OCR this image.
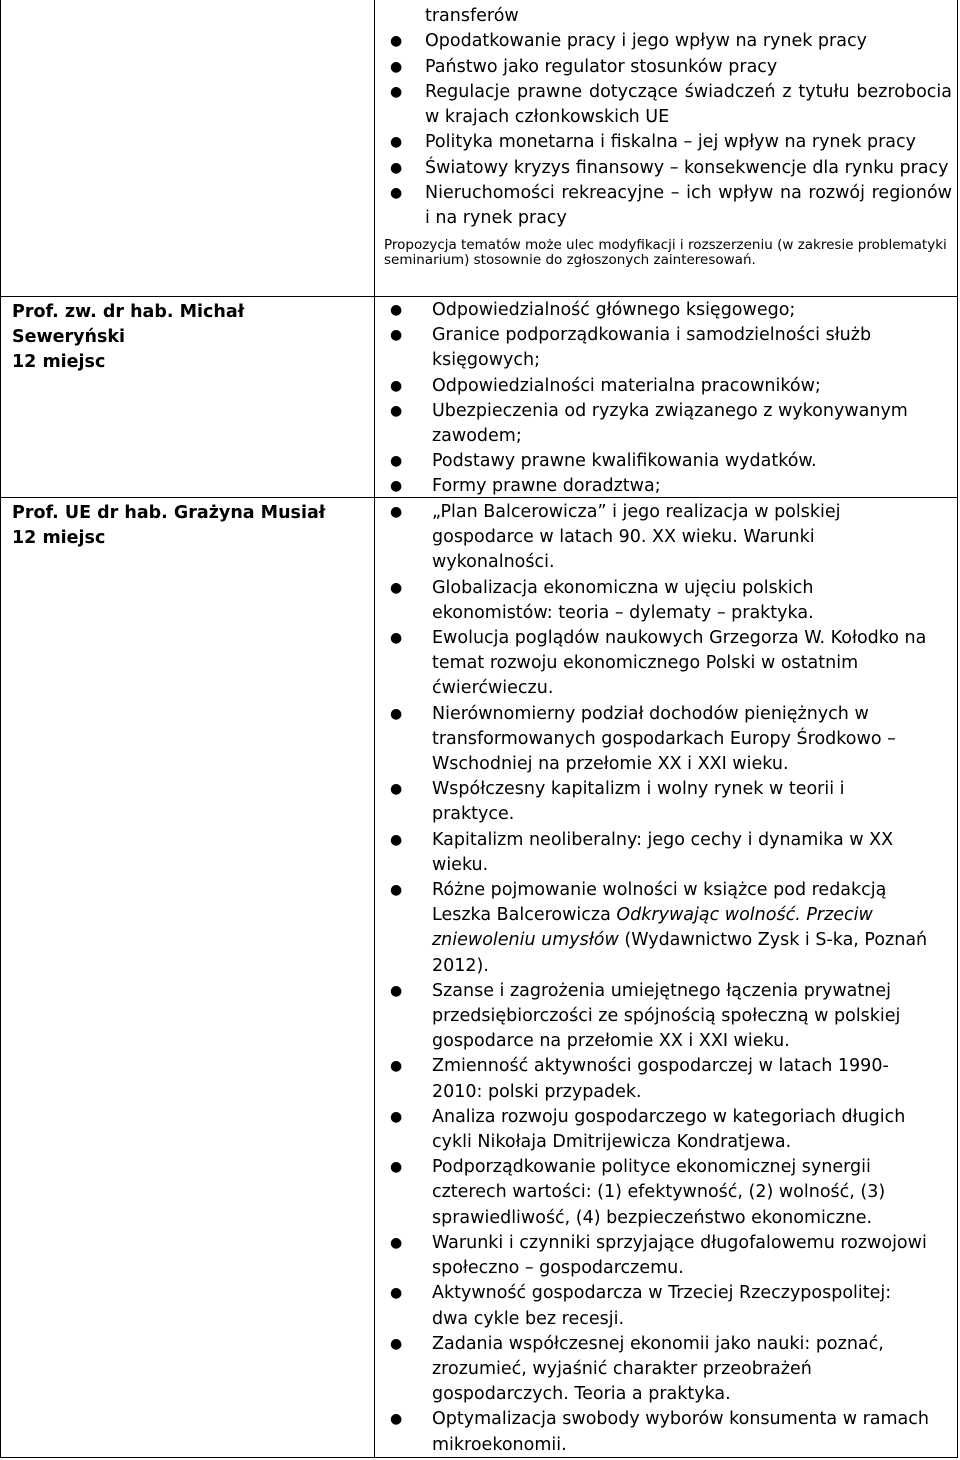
transferów
● Opodatkowanie pracy i jego wpływ na rynek pracy
● Państwo jako regulator stosunków pracy
● Regulacje prawne dotyczące świadczeń z tytułu bezrobocia w krajach członkowskich UE
● Polityka monetarna i fiskalna – jej wpływ na rynek pracy
● Światowy kryzys finansowy – konsekwencje dla rynku pracy
● Nieruchomości rekreacyjne – ich wpływ na rozwój regionów i na rynek pracy
Propozycja tematów może ulec modyfikacji i rozszerzeniu (w zakresie problematyki seminarium) stosownie do zgłoszonych zainteresowań.
Prof. zw. dr hab. Michał
Seweryński
12 miejsc
● Odpowiedzialność głównego księgowego;
● Granice podporządkowania i samodzielności służb księgowych;
● Odpowiedzialności materialna pracowników;
● Ubezpieczenia od ryzyka związanego z wykonywanym zawodem;
● Podstawy prawne kwalifikowania wydatków.
● Formy prawne doradztwa;
Prof. UE dr hab. Grażyna Musiał
12 miejsc
● „Plan Balcerowicza” i jego realizacja w polskiej gospodarce w latach 90. XX wieku. Warunki wykonalności.
● Globalizacja ekonomiczna w ujęciu polskich ekonomistów: teoria – dylematy – praktyka.
● Ewolucja poglądów naukowych Grzegorza W. Kołodko na temat rozwoju ekonomicznego Polski w ostatnim ćwierćwieczu.
● Nierównomierny podział dochodów pieniężnych w transformowanych gospodarkach Europy Środkowo – Wschodniej na przełomie XX i XXI wieku.
● Współczesny kapitalizm i wolny rynek w teorii i praktyce.
● Kapitalizm neoliberalny: jego cechy i dynamika w XX wieku.
● Różne pojmowanie wolności w książce pod redakcją Leszka Balcerowicza Odkrywając wolność. Przeciw zniewoleniu umysłów (Wydawnictwo Zysk i S-ka, Poznań 2012).
● Szanse i zagrożenia umiejętnego łączenia prywatnej przedsiębiorczości ze spójnością społeczną w polskiej gospodarce na przełomie XX i XXI wieku.
● Zmienność aktywności gospodarczej w latach 1990-2010: polski przypadek.
● Analiza rozwoju gospodarczego w kategoriach długich cykli Nikołaja Dmitrijewicza Kondratjewa.
● Podporządkowanie polityce ekonomicznej synergii czterech wartości: (1) efektywność, (2) wolność, (3) sprawiedliwość, (4) bezpieczeństwo ekonomiczne.
● Warunki i czynniki sprzyjające długofalowemu rozwojowi społeczno – gospodarczemu.
● Aktywność gospodarcza w Trzeciej Rzeczypospolitej: dwa cykle bez recesji.
● Zadania współczesnej ekonomii jako nauki: poznać, zrozumieć, wyjaśnić charakter przeobrażeń gospodarczych. Teoria a praktyka.
● Optymalizacja swobody wyborów konsumenta w ramach mikroekonomii.
